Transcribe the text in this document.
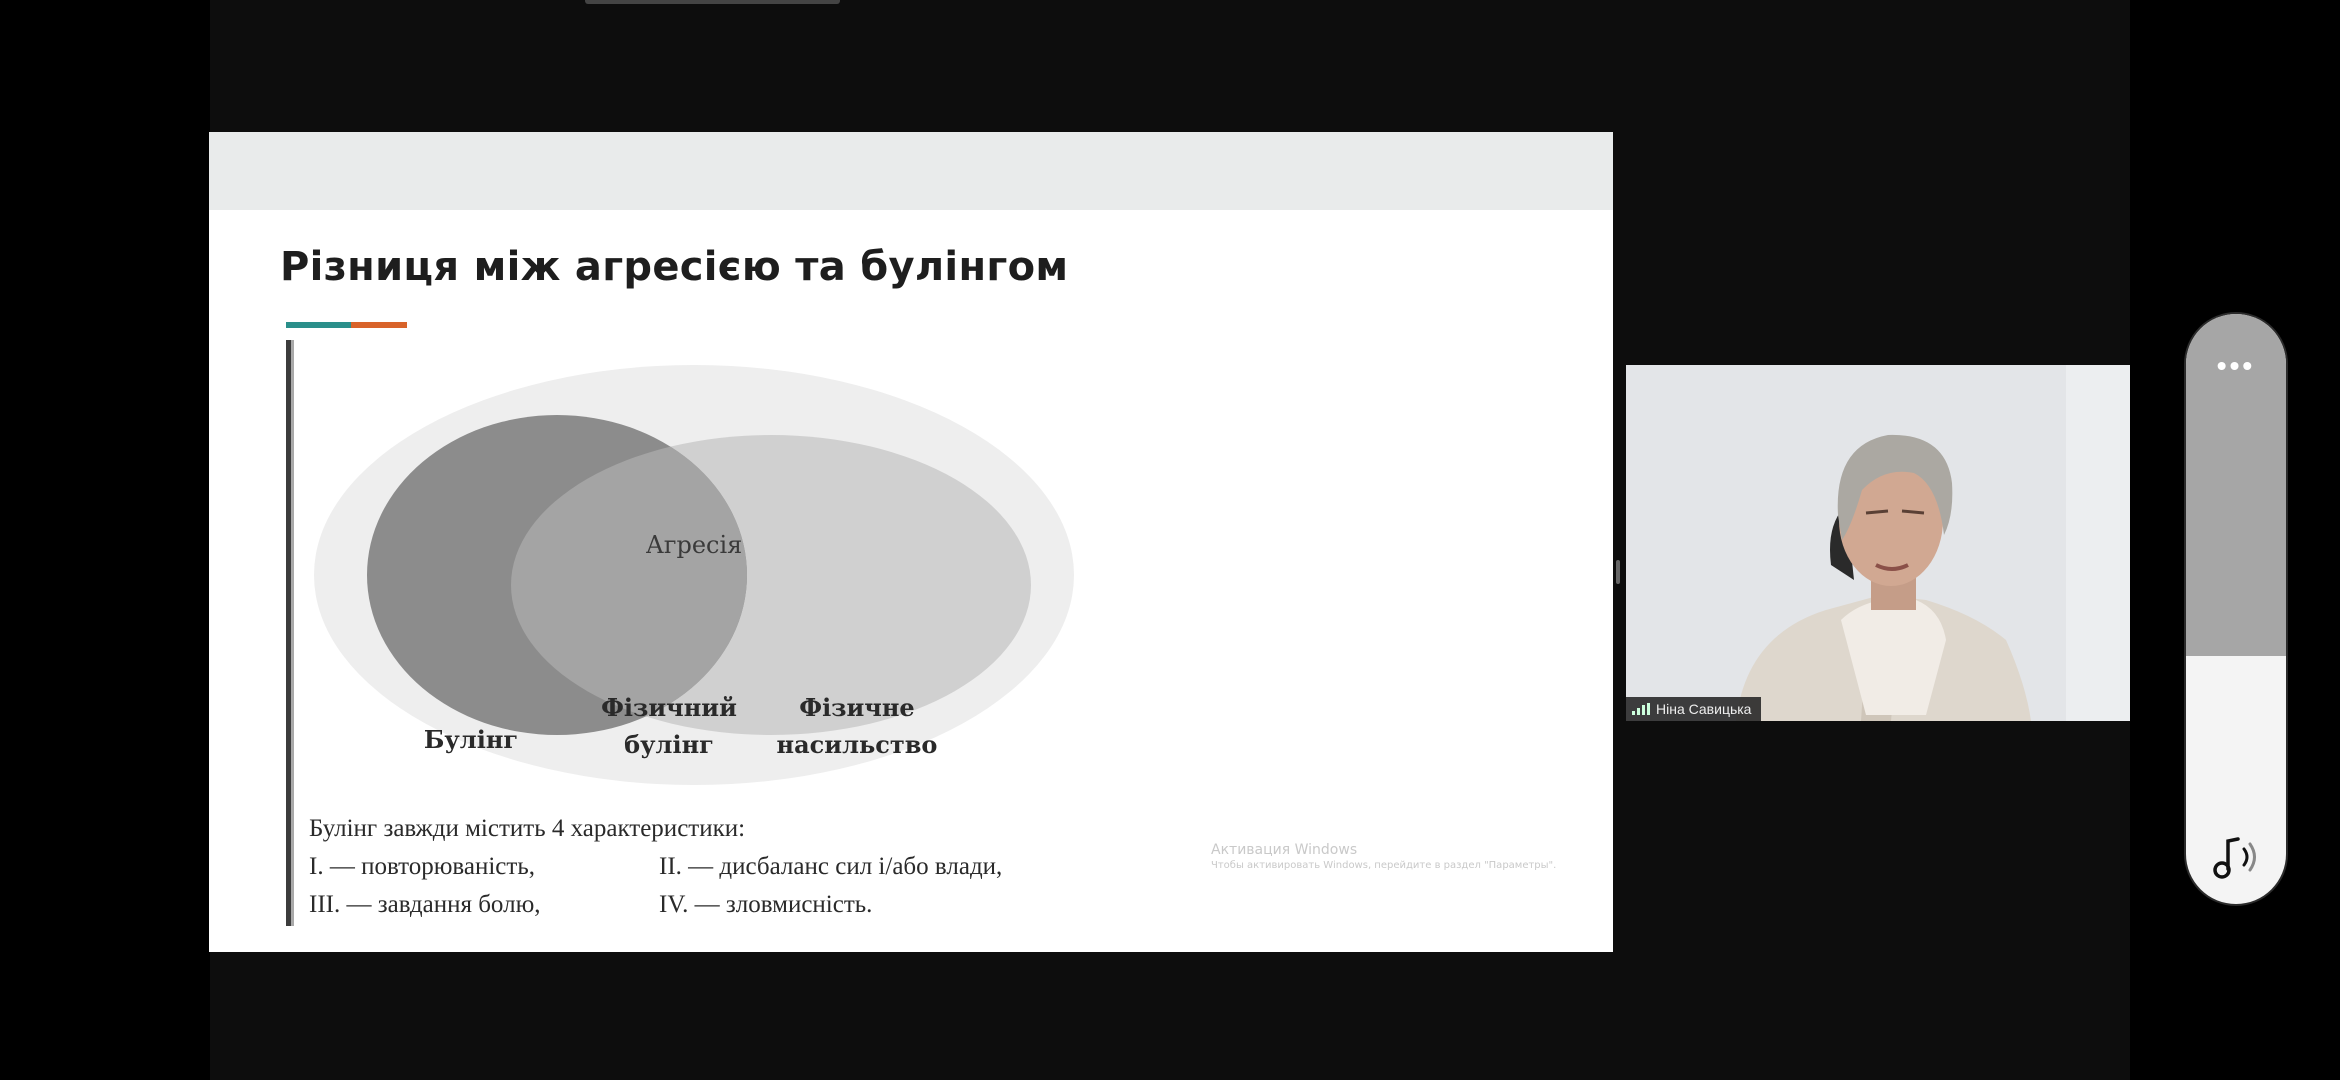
Різниця між агресією та булінгом
Агресія
Булінг
Фізичний
булінг
Фізичне
насильство
Булінг завжди містить 4 характеристики:
I. — повторюваність,	II. — дисбаланс сил і/або влади,
III. — завдання болю,	IV. — зловмисність.
Активация Windows
Чтобы активировать Windows, перейдите в раздел "Параметры".
Ніна Савицька
•••
